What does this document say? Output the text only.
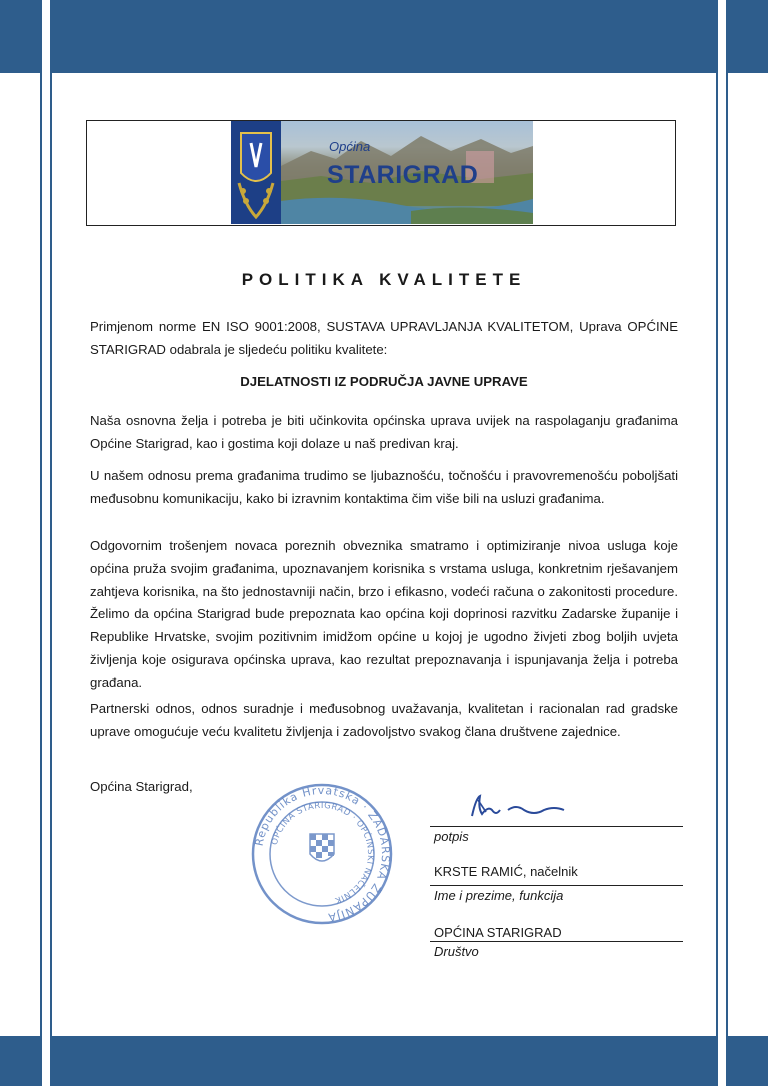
Općina
STARIGRAD
POLITIKA KVALITETE

Primjenom norme EN ISO 9001:2008, SUSTAVA UPRAVLJANJA KVALITETOM, Uprava OPĆINE STARIGRAD odabrala je sljedeću politiku kvalitete:

DJELATNOSTI IZ PODRUČJA JAVNE UPRAVE

Naša osnovna želja i potreba je biti učinkovita općinska uprava uvijek na raspolaganju građanima Općine Starigrad, kao i gostima koji dolaze u naš predivan kraj.

U našem odnosu prema građanima trudimo se ljubaznošću, točnošću i pravovremenošću poboljšati međusobnu komunikaciju, kako bi izravnim kontaktima čim više bili na usluzi građanima.

Odgovornim trošenjem novaca poreznih obveznika smatramo i optimiziranje nivoa usluga koje općina pruža svojim građanima, upoznavanjem korisnika s vrstama usluga, konkretnim rješavanjem zahtjeva korisnika, na što jednostavniji način, brzo i efikasno, vodeći računa o zakonitosti procedure. Želimo da općina Starigrad bude prepoznata kao općina koji doprinosi razvitku Zadarske županije i Republike Hrvatske, svojim pozitivnim imidžom općine u kojoj je ugodno živjeti zbog boljih uvjeta življenja koje osigurava općinska uprava, kao rezultat prepoznavanja i ispunjavanja želja i potreba građana.

Partnerski odnos, odnos suradnje i međusobnog uvažavanja, kvalitetan i racionalan rad gradske uprave omogućuje veću kvalitetu življenja i zadovoljstvo svakog člana društvene zajednice.

Općina Starigrad,
Republika Hrvatska · ZADARSKA ŽUPANIJA
OPĆINA STARIGRAD · OPĆINSKI NAČELNIK
potpis
KRSTE RAMIĆ, načelnik
Ime i prezime, funkcija
OPĆINA STARIGRAD
Društvo
